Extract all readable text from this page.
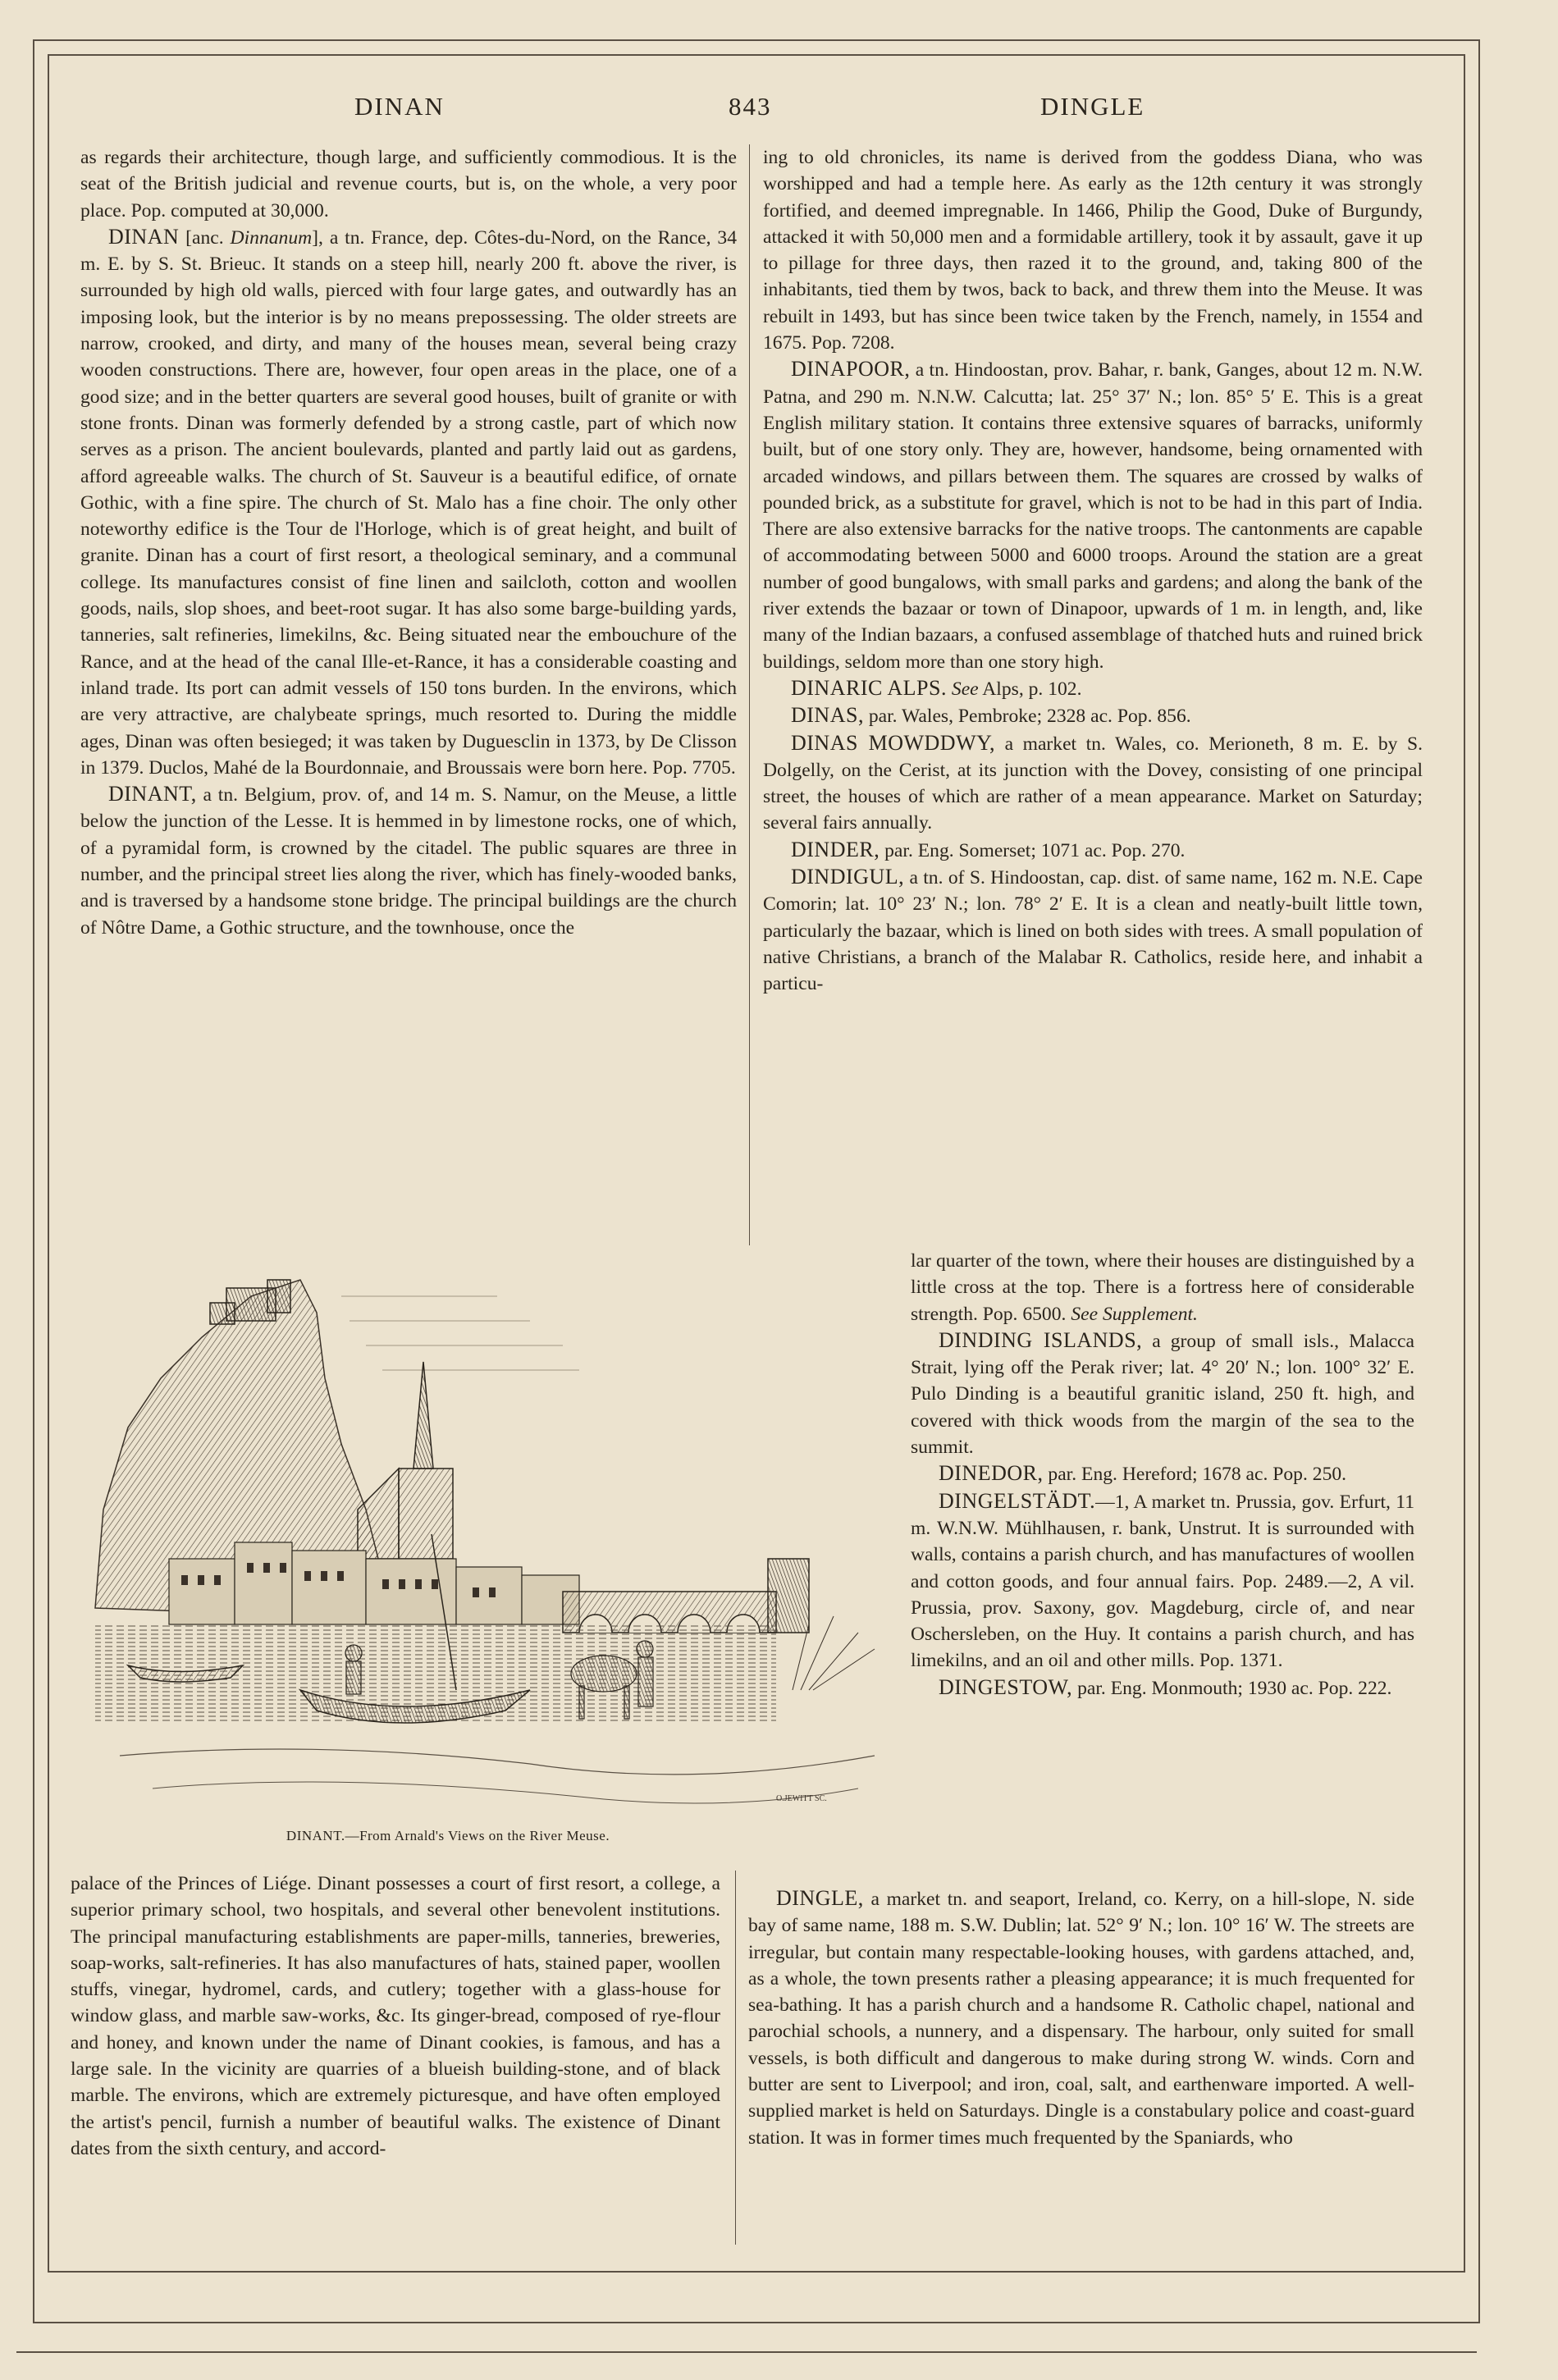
DINAN	843	DINGLE

as regards their architecture, though large, and sufficiently commodious. It is the seat of the British judicial and revenue courts, but is, on the whole, a very poor place. Pop. computed at 30,000.

DINAN [anc. Dinnanum], a tn. France, dep. Côtes-du-Nord, on the Rance, 34 m. E. by S. St. Brieuc. It stands on a steep hill, nearly 200 ft. above the river, is surrounded by high old walls, pierced with four large gates, and outwardly has an imposing look, but the interior is by no means prepossessing. The older streets are narrow, crooked, and dirty, and many of the houses mean, several being crazy wooden constructions. There are, however, four open areas in the place, one of a good size; and in the better quarters are several good houses, built of granite or with stone fronts. Dinan was formerly defended by a strong castle, part of which now serves as a prison. The ancient boulevards, planted and partly laid out as gardens, afford agreeable walks. The church of St. Sauveur is a beautiful edifice, of ornate Gothic, with a fine spire. The church of St. Malo has a fine choir. The only other noteworthy edifice is the Tour de l'Horloge, which is of great height, and built of granite. Dinan has a court of first resort, a theological seminary, and a communal college. Its manufactures consist of fine linen and sailcloth, cotton and woollen goods, nails, slop shoes, and beet-root sugar. It has also some barge-building yards, tanneries, salt refineries, limekilns, &c. Being situated near the embouchure of the Rance, and at the head of the canal Ille-et-Rance, it has a considerable coasting and inland trade. Its port can admit vessels of 150 tons burden. In the environs, which are very attractive, are chalybeate springs, much resorted to. During the middle ages, Dinan was often besieged; it was taken by Duguesclin in 1373, by De Clisson in 1379. Duclos, Mahé de la Bourdonnaie, and Broussais were born here. Pop. 7705.

DINANT, a tn. Belgium, prov. of, and 14 m. S. Namur, on the Meuse, a little below the junction of the Lesse. It is hemmed in by limestone rocks, one of which, of a pyramidal form, is crowned by the citadel. The public squares are three in number, and the principal street lies along the river, which has finely-wooded banks, and is traversed by a handsome stone bridge. The principal buildings are the church of Nôtre Dame, a Gothic structure, and the townhouse, once the

ing to old chronicles, its name is derived from the goddess Diana, who was worshipped and had a temple here. As early as the 12th century it was strongly fortified, and deemed impregnable. In 1466, Philip the Good, Duke of Burgundy, attacked it with 50,000 men and a formidable artillery, took it by assault, gave it up to pillage for three days, then razed it to the ground, and, taking 800 of the inhabitants, tied them by twos, back to back, and threw them into the Meuse. It was rebuilt in 1493, but has since been twice taken by the French, namely, in 1554 and 1675. Pop. 7208.

DINAPOOR, a tn. Hindoostan, prov. Bahar, r. bank, Ganges, about 12 m. N.W. Patna, and 290 m. N.N.W. Calcutta; lat. 25° 37′ N.; lon. 85° 5′ E. This is a great English military station. It contains three extensive squares of barracks, uniformly built, but of one story only. They are, however, handsome, being ornamented with arcaded windows, and pillars between them. The squares are crossed by walks of pounded brick, as a substitute for gravel, which is not to be had in this part of India. There are also extensive barracks for the native troops. The cantonments are capable of accommodating between 5000 and 6000 troops. Around the station are a great number of good bungalows, with small parks and gardens; and along the bank of the river extends the bazaar or town of Dinapoor, upwards of 1 m. in length, and, like many of the Indian bazaars, a confused assemblage of thatched huts and ruined brick buildings, seldom more than one story high.

DINARIC ALPS. See Alps, p. 102.

DINAS, par. Wales, Pembroke; 2328 ac. Pop. 856.

DINAS MOWDDWY, a market tn. Wales, co. Merioneth, 8 m. E. by S. Dolgelly, on the Cerist, at its junction with the Dovey, consisting of one principal street, the houses of which are rather of a mean appearance. Market on Saturday; several fairs annually.

DINDER, par. Eng. Somerset; 1071 ac. Pop. 270.

DINDIGUL, a tn. of S. Hindoostan, cap. dist. of same name, 162 m. N.E. Cape Comorin; lat. 10° 23′ N.; lon. 78° 2′ E. It is a clean and neatly-built little town, particularly the bazaar, which is lined on both sides with trees. A small population of native Christians, a branch of the Malabar R. Catholics, reside here, and inhabit a particu-

O.JEWITT SC.
DINANT.—From Arnald's Views on the River Meuse.

lar quarter of the town, where their houses are distinguished by a little cross at the top. There is a fortress here of considerable strength. Pop. 6500. See Supplement.

DINDING ISLANDS, a group of small isls., Malacca Strait, lying off the Perak river; lat. 4° 20′ N.; lon. 100° 32′ E. Pulo Dinding is a beautiful granitic island, 250 ft. high, and covered with thick woods from the margin of the sea to the summit.

DINEDOR, par. Eng. Hereford; 1678 ac. Pop. 250.

DINGELSTÄDT.—1, A market tn. Prussia, gov. Erfurt, 11 m. W.N.W. Mühlhausen, r. bank, Unstrut. It is surrounded with walls, contains a parish church, and has manufactures of woollen and cotton goods, and four annual fairs. Pop. 2489.—2, A vil. Prussia, prov. Saxony, gov. Magdeburg, circle of, and near Oschersleben, on the Huy. It contains a parish church, and has limekilns, and an oil and other mills. Pop. 1371.

DINGESTOW, par. Eng. Monmouth; 1930 ac. Pop. 222.

palace of the Princes of Liége. Dinant possesses a court of first resort, a college, a superior primary school, two hospitals, and several other benevolent institutions. The principal manufacturing establishments are paper-mills, tanneries, breweries, soap-works, salt-refineries. It has also manufactures of hats, stained paper, woollen stuffs, vinegar, hydromel, cards, and cutlery; together with a glass-house for window glass, and marble saw-works, &c. Its ginger-bread, composed of rye-flour and honey, and known under the name of Dinant cookies, is famous, and has a large sale. In the vicinity are quarries of a blueish building-stone, and of black marble. The environs, which are extremely picturesque, and have often employed the artist's pencil, furnish a number of beautiful walks. The existence of Dinant dates from the sixth century, and accord-

DINGLE, a market tn. and seaport, Ireland, co. Kerry, on a hill-slope, N. side bay of same name, 188 m. S.W. Dublin; lat. 52° 9′ N.; lon. 10° 16′ W. The streets are irregular, but contain many respectable-looking houses, with gardens attached, and, as a whole, the town presents rather a pleasing appearance; it is much frequented for sea-bathing. It has a parish church and a handsome R. Catholic chapel, national and parochial schools, a nunnery, and a dispensary. The harbour, only suited for small vessels, is both difficult and dangerous to make during strong W. winds. Corn and butter are sent to Liverpool; and iron, coal, salt, and earthenware imported. A well-supplied market is held on Saturdays. Dingle is a constabulary police and coast-guard station. It was in former times much frequented by the Spaniards, who
